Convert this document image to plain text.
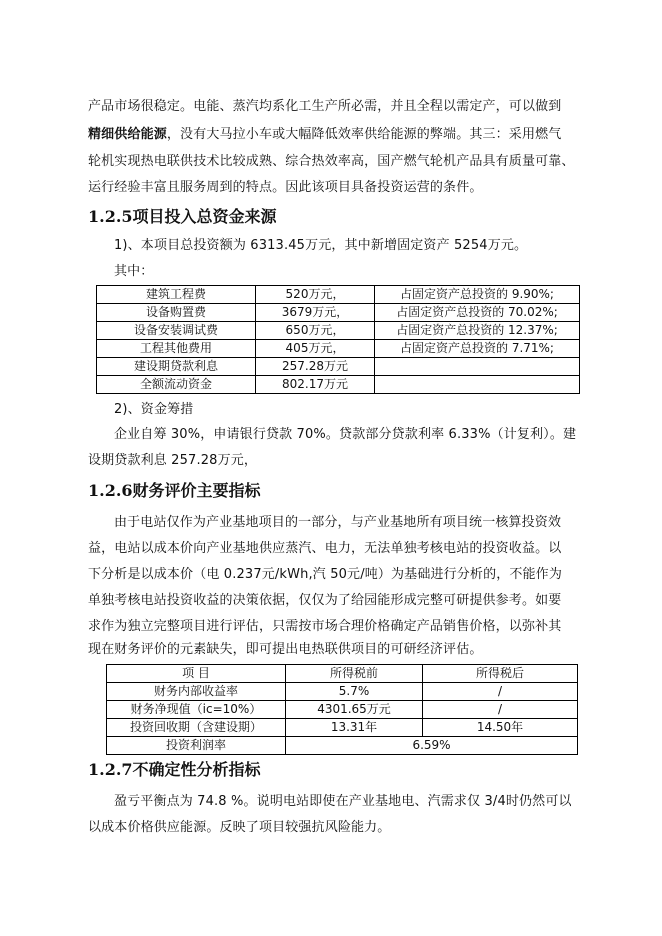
产品市场很稳定。电能、蒸汽均系化工生产所必需，并且全程以需定产，可以做到
精细供给能源，没有大马拉小车或大幅降低效率供给能源的弊端。其三：采用燃气
轮机实现热电联供技术比较成熟、综合热效率高，国产燃气轮机产品具有质量可靠、
运行经验丰富且服务周到的特点。因此该项目具备投资运营的条件。
1.2.5项目投入总资金来源
1)、本项目总投资额为 6313.45万元，其中新增固定资产 5254万元。
其中：
建筑工程费	520万元，	占固定资产总投资的 9.90%;
设备购置费	3679万元，	占固定资产总投资的 70.02%;
设备安装调试费	650万元，	占固定资产总投资的 12.37%;
工程其他费用	405万元，	占固定资产总投资的 7.71%;
建设期贷款利息	257.28万元	
全额流动资金	802.17万元	
2)、资金筹措
企业自筹 30%，申请银行贷款 70%。贷款部分贷款利率 6.33%（计复利）。建
设期贷款利息 257.28万元，
1.2.6财务评价主要指标
由于电站仅作为产业基地项目的一部分，与产业基地所有项目统一核算投资效
益，电站以成本价向产业基地供应蒸汽、电力，无法单独考核电站的投资收益。以
下分析是以成本价（电 0.237元/kWh,汽 50元/吨）为基础进行分析的，不能作为
单独考核电站投资收益的决策依据，仅仅为了给园能形成完整可研提供参考。如要
求作为独立完整项目进行评估，只需按市场合理价格确定产品销售价格，以弥补其
现在财务评价的元素缺失，即可提出电热联供项目的可研经济评估。
项 目	所得税前	所得税后
财务内部收益率	5.7%	/
财务净现值（ic=10%）	4301.65万元	/
投资回收期（含建设期）	13.31年	14.50年
投资利润率	6.59%	
1.2.7不确定性分析指标
盈亏平衡点为 74.8 %。说明电站即使在产业基地电、汽需求仅 3/4时仍然可以
以成本价格供应能源。反映了项目较强抗风险能力。
